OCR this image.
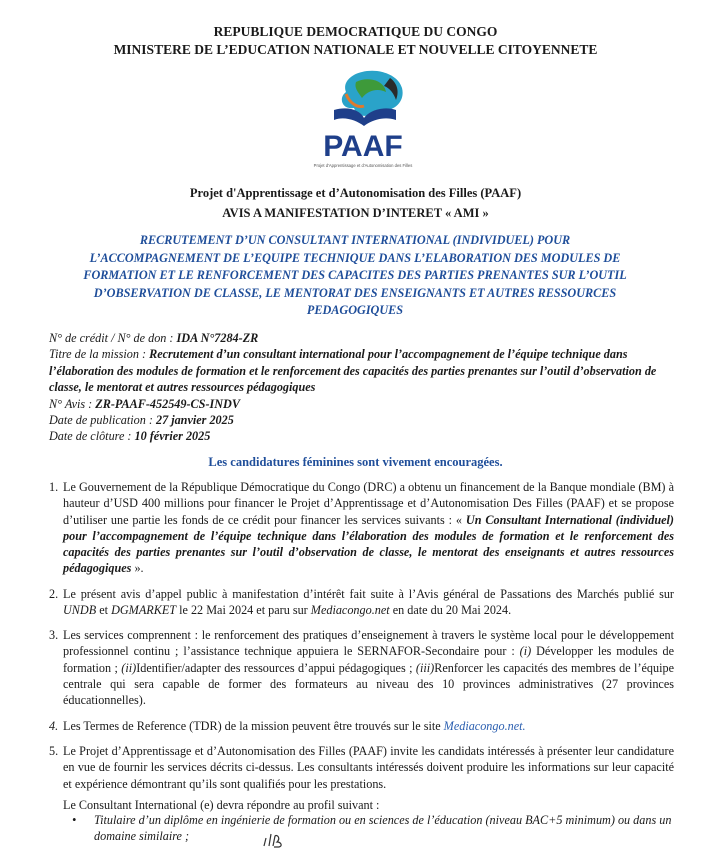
REPUBLIQUE DEMOCRATIQUE DU CONGO
MINISTERE DE L’EDUCATION NATIONALE ET NOUVELLE CITOYENNETE
PAAF
Projet d'Apprentissage et d'Autonomisation des Filles
Projet d'Apprentissage et d’Autonomisation des Filles (PAAF)
AVIS A MANIFESTATION D’INTERET « AMI »
RECRUTEMENT D’UN CONSULTANT INTERNATIONAL (INDIVIDUEL) POUR
L’ACCOMPAGNEMENT DE L’EQUIPE TECHNIQUE DANS L’ELABORATION DES MODULES DE
FORMATION ET LE RENFORCEMENT DES CAPACITES DES PARTIES PRENANTES SUR L’OUTIL
D’OBSERVATION DE CLASSE, LE MENTORAT DES ENSEIGNANTS ET AUTRES RESSOURCES
PEDAGOGIQUES
N° de crédit / N° de don : IDA N°7284-ZR
Titre de la mission : Recrutement d’un consultant international pour l’accompagnement de l’équipe technique dans l’élaboration des modules de formation et le renforcement des capacités des parties prenantes sur l’outil d’observation de classe, le mentorat et autres ressources pédagogiques
N° Avis : ZR-PAAF-452549-CS-INDV
Date de publication : 27 janvier 2025
Date de clôture : 10 février 2025
Les candidatures féminines sont vivement encouragées.
1. Le Gouvernement de la République Démocratique du Congo (DRC) a obtenu un financement de la Banque mondiale (BM) à hauteur d’USD 400 millions pour financer le Projet d’Apprentissage et d’Autonomisation Des Filles (PAAF) et se propose d’utiliser une partie les fonds de ce crédit pour financer les services suivants : « Un Consultant International (individuel) pour l’accompagnement de l’équipe technique dans l’élaboration des modules de formation et le renforcement des capacités des parties prenantes sur l’outil d’observation de classe, le mentorat des enseignants et autres ressources pédagogiques ».
2. Le présent avis d’appel public à manifestation d’intérêt fait suite à l’Avis général de Passations des Marchés publié sur UNDB et DGMARKET le 22 Mai 2024 et paru sur Mediacongo.net en date du 20 Mai 2024.
3. Les services comprennent : le renforcement des pratiques d’enseignement à travers le système local pour le développement professionnel continu ; l’assistance technique appuiera le SERNAFOR-Secondaire pour : (i) Développer les modules de formation ; (ii)Identifier/adapter des ressources d’appui pédagogiques ; (iii)Renforcer les capacités des membres de l’équipe centrale qui sera capable de former des formateurs au niveau des 10 provinces administratives (27 provinces éducationnelles).
4. Les Termes de Reference (TDR) de la mission peuvent être trouvés sur le site Mediacongo.net.
5. Le Projet d’Apprentissage et d’Autonomisation des Filles (PAAF) invite les candidats intéressés à présenter leur candidature en vue de fournir les services décrits ci-dessus. Les consultants intéressés doivent produire les informations sur leur capacité et expérience démontrant qu’ils sont qualifiés pour les prestations.
Le Consultant International (e) devra répondre au profil suivant :
• Titulaire d’un diplôme en ingénierie de formation ou en sciences de l’éducation (niveau BAC+5 minimum) ou dans un domaine similaire ;
